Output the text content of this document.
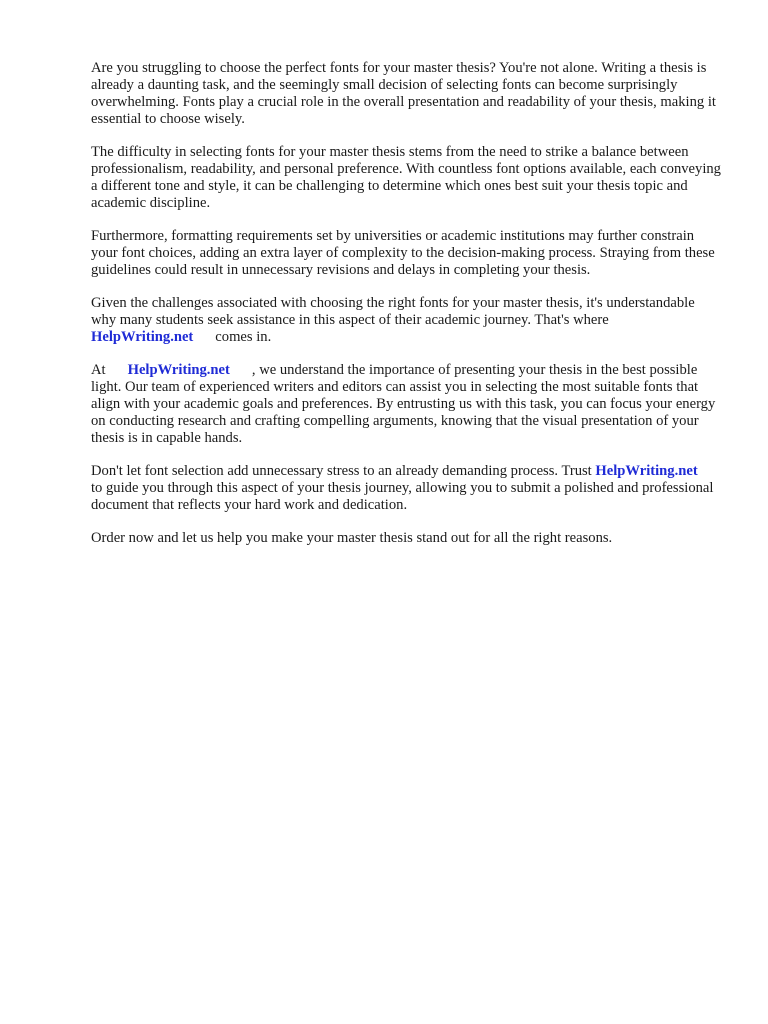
Are you struggling to choose the perfect fonts for your master thesis? You're not alone. Writing a thesis is already a daunting task, and the seemingly small decision of selecting fonts can become surprisingly overwhelming. Fonts play a crucial role in the overall presentation and readability of your thesis, making it essential to choose wisely.

The difficulty in selecting fonts for your master thesis stems from the need to strike a balance between professionalism, readability, and personal preference. With countless font options available, each conveying a different tone and style, it can be challenging to determine which ones best suit your thesis topic and academic discipline.

Furthermore, formatting requirements set by universities or academic institutions may further constrain your font choices, adding an extra layer of complexity to the decision-making process. Straying from these guidelines could result in unnecessary revisions and delays in completing your thesis.

Given the challenges associated with choosing the right fonts for your master thesis, it's understandable why many students seek assistance in this aspect of their academic journey. That's whereHelpWriting.net comes in.

At HelpWriting.net , we understand the importance of presenting your thesis in the best possible light. Our team of experienced writers and editors can assist you in selecting the most suitable fonts that align with your academic goals and preferences. By entrusting us with this task, you can focus your energy on conducting research and crafting compelling arguments, knowing that the visual presentation of your thesis is in capable hands.

Don't let font selection add unnecessary stress to an already demanding process. Trust HelpWriting.netto guide you through this aspect of your thesis journey, allowing you to submit a polished and professional document that reflects your hard work and dedication.

Order now and let us help you make your master thesis stand out for all the right reasons.
